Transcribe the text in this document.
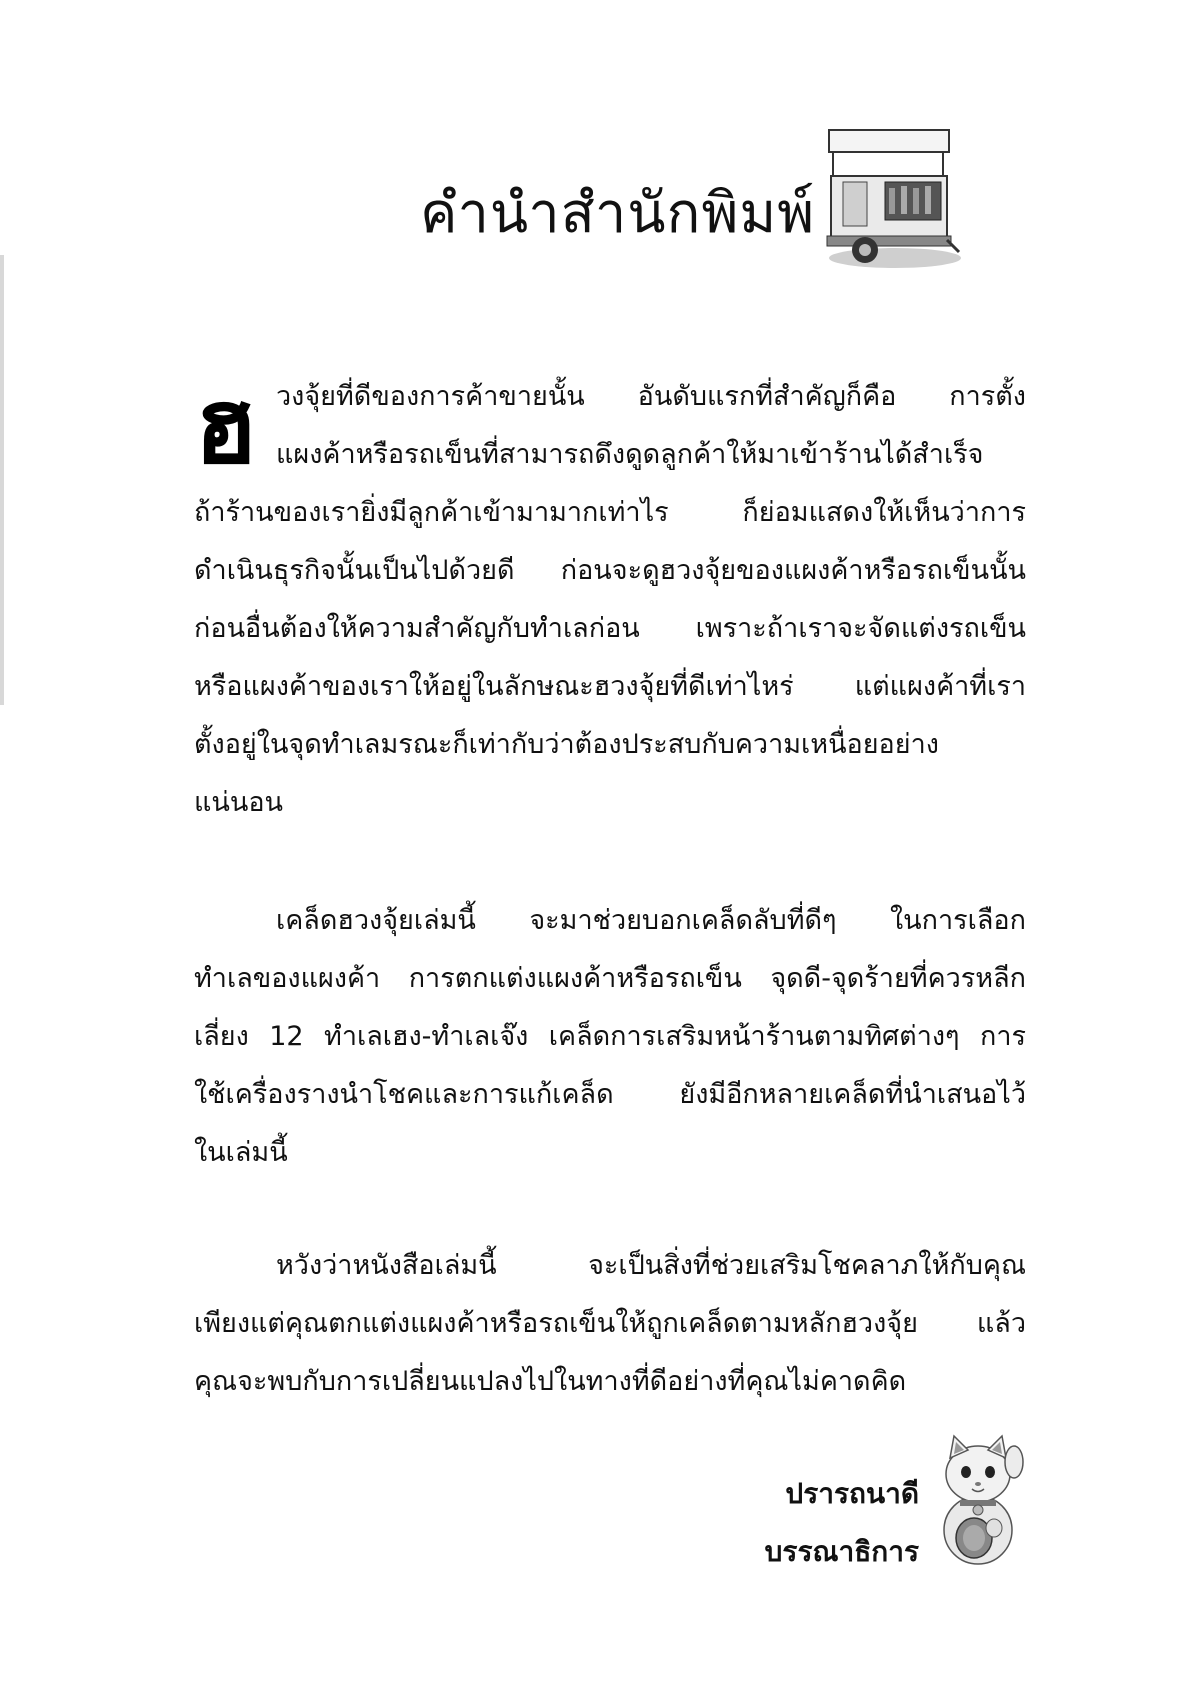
คำนำสำนักพิมพ์
ฮ วงจุ้ยที่ดีของการค้าขายนั้น อันดับแรกที่สำคัญก็คือ การตั้ง
แผงค้าหรือรถเข็นที่สามารถดึงดูดลูกค้าให้มาเข้าร้านได้สำเร็จ
ถ้าร้านของเรายิ่งมีลูกค้าเข้ามามากเท่าไร ก็ย่อมแสดงให้เห็นว่าการ
ดำเนินธุรกิจนั้นเป็นไปด้วยดี ก่อนจะดูฮวงจุ้ยของแผงค้าหรือรถเข็นนั้น
ก่อนอื่นต้องให้ความสำคัญกับทำเลก่อน เพราะถ้าเราจะจัดแต่งรถเข็น
หรือแผงค้าของเราให้อยู่ในลักษณะฮวงจุ้ยที่ดีเท่าไหร่ แต่แผงค้าที่เรา
ตั้งอยู่ในจุดทำเลมรณะก็เท่ากับว่าต้องประสบกับความเหนื่อยอย่าง
แน่นอน
เคล็ดฮวงจุ้ยเล่มนี้ จะมาช่วยบอกเคล็ดลับที่ดีๆ ในการเลือก
ทำเลของแผงค้า การตกแต่งแผงค้าหรือรถเข็น จุดดี-จุดร้ายที่ควรหลีก
เลี่ยง 12 ทำเลเฮง-ทำเลเจ๊ง เคล็ดการเสริมหน้าร้านตามทิศต่างๆ การ
ใช้เครื่องรางนำโชคและการแก้เคล็ด ยังมีอีกหลายเคล็ดที่นำเสนอไว้
ในเล่มนี้
หวังว่าหนังสือเล่มนี้ จะเป็นสิ่งที่ช่วยเสริมโชคลาภให้กับคุณ
เพียงแต่คุณตกแต่งแผงค้าหรือรถเข็นให้ถูกเคล็ดตามหลักฮวงจุ้ย แล้ว
คุณจะพบกับการเปลี่ยนแปลงไปในทางที่ดีอย่างที่คุณไม่คาดคิด
ปรารถนาดี
บรรณาธิการ
